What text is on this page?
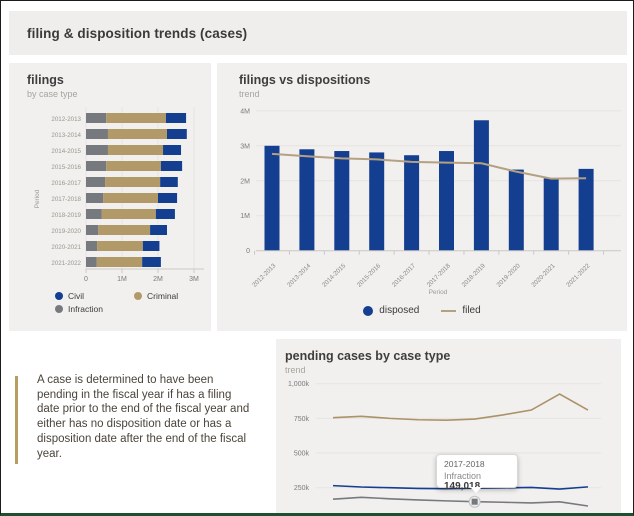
filing & disposition trends (cases)
filings
by case type
2012-2013
2013-2014
2014-2015
2015-2016
2016-2017
2017-2018
2018-2019
2019-2020
2020-2021
2021-2022
0	1M	2M	3M
Period
Civil	Criminal
Infraction
filings vs dispositions
trend
0
1M
2M
3M
4M
2012-2013 2013-2014 2014-2015 2015-2016 2016-2017 2017-2018 2018-2019 2019-2020 2020-2021 2021-2022
Period
disposed	filed
A case is determined to have been pending in the fiscal year if has a filing date prior to the end of the fiscal year and either has no disposition date or has a disposition date after the end of the fiscal year.
pending cases by case type
trend
250k
500k
750k
1,000k
2017-2018
Infraction 149,018
